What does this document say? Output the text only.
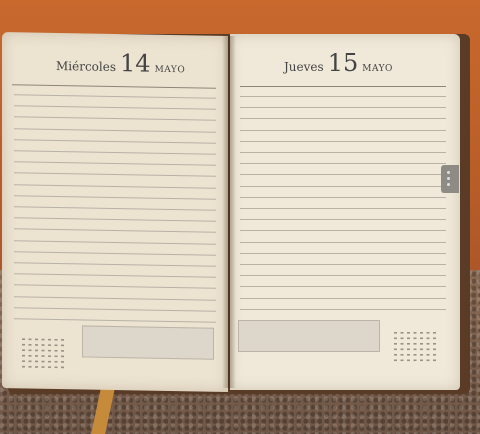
Miércoles 14 MAYO	Jueves 15 MAYO
